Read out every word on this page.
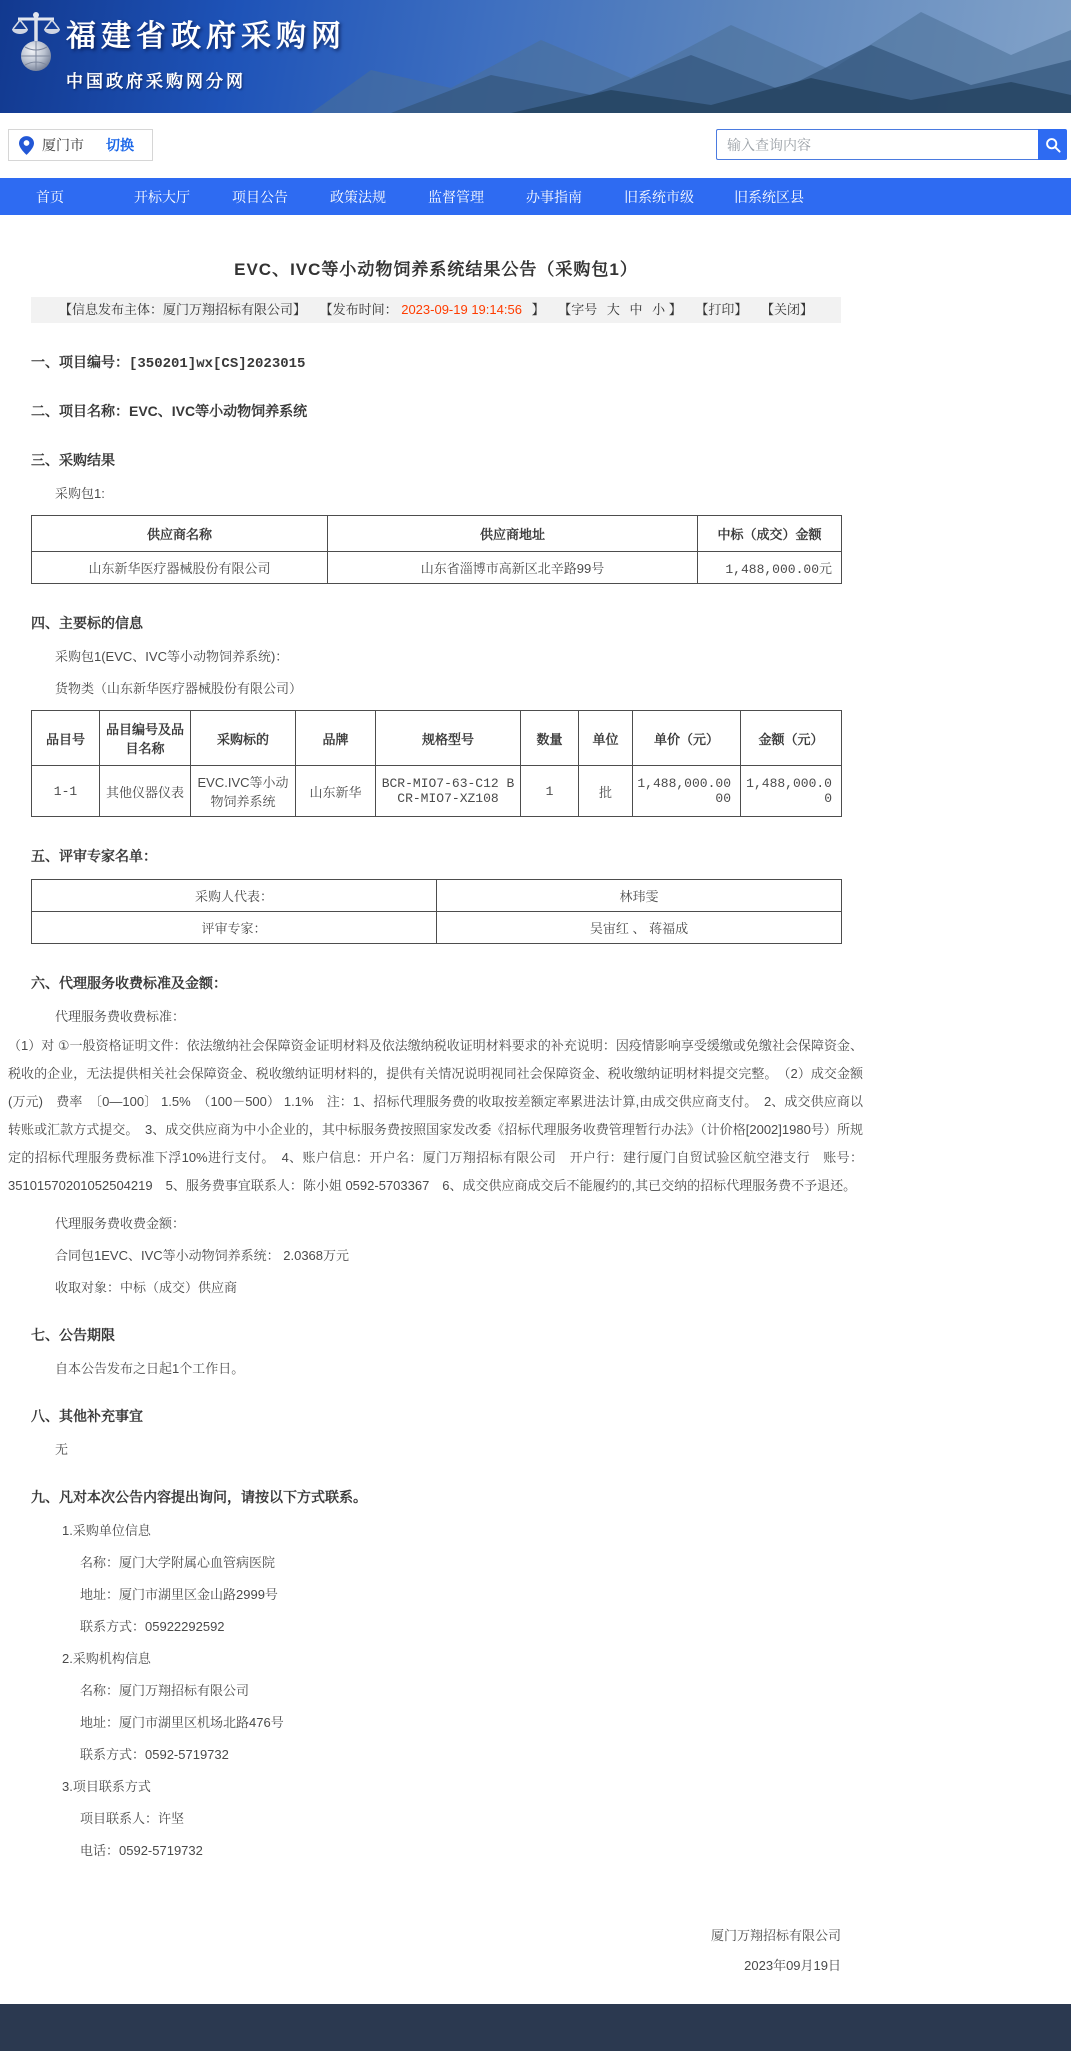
福建省政府采购网
中国政府采购网分网
厦门市 切换
输入查询内容
首页	开标大厅	项目公告	政策法规	监督管理	办事指南	旧系统市级	旧系统区县
EVC、IVC等小动物饲养系统结果公告（采购包1）
【信息发布主体：厦门万翔招标有限公司】 【发布时间： 2023-09-19 19:14:56 】 【字号 大 中 小 】 【打印】 【关闭】
一、项目编号：[350201]wx[CS]2023015
二、项目名称：EVC、IVC等小动物饲养系统
三、采购结果
采购包1:
供应商名称	供应商地址	中标（成交）金额
山东新华医疗器械股份有限公司	山东省淄博市高新区北辛路99号	1,488,000.00元
四、主要标的信息
采购包1(EVC、IVC等小动物饲养系统)：
货物类（山东新华医疗器械股份有限公司）
品目号	品目编号及品目名称	采购标的	品牌	规格型号	数量	单位	单价（元）	金额（元）
1-1	其他仪器仪表	EVC.IVC等小动物饲养系统	山东新华	BCR-MIO7-63-C12 BCR-MIO7-XZ108	1	批	1,488,000.0000	1,488,000.00
五、评审专家名单：
采购人代表：	林玮雯
评审专家：	吴宙红 、 蒋福成
六、代理服务收费标准及金额：
代理服务费收费标准：
（1）对 ①一般资格证明文件：依法缴纳社会保障资金证明材料及依法缴纳税收证明材料要求的补充说明：因疫情影响享受缓缴或免缴社会保障资金、税收的企业，无法提供相关社会保障资金、税收缴纳证明材料的，提供有关情况说明视同社会保障资金、税收缴纳证明材料提交完整。　（2）成交金额(万元)　费率　〔0—100〕 1.5%　（100－500） 1.1%　注：1、招标代理服务费的收取按差额定率累进法计算,由成交供应商支付。　2、成交供应商以转账或汇款方式提交。　3、成交供应商为中小企业的，其中标服务费按照国家发改委《招标代理服务收费管理暂行办法》（计价格[2002]1980号）所规定的招标代理服务费标准下浮10%进行支付。　4、账户信息：开户名：厦门万翔招标有限公司　开户行：建行厦门自贸试验区航空港支行　账号：35101570201052504219　5、服务费事宜联系人：陈小姐 0592-5703367　6、成交供应商成交后不能履约的,其已交纳的招标代理服务费不予退还。
代理服务费收费金额：
合同包1EVC、IVC等小动物饲养系统： 2.0368万元
收取对象：中标（成交）供应商
七、公告期限
自本公告发布之日起1个工作日。
八、其他补充事宜
无
九、凡对本次公告内容提出询问，请按以下方式联系。
1.采购单位信息
名称：厦门大学附属心血管病医院
地址：厦门市湖里区金山路2999号
联系方式：05922292592
2.采购机构信息
名称：厦门万翔招标有限公司
地址：厦门市湖里区机场北路476号
联系方式：0592-5719732
3.项目联系方式
项目联系人：许坚
电话：0592-5719732
厦门万翔招标有限公司
2023年09月19日
